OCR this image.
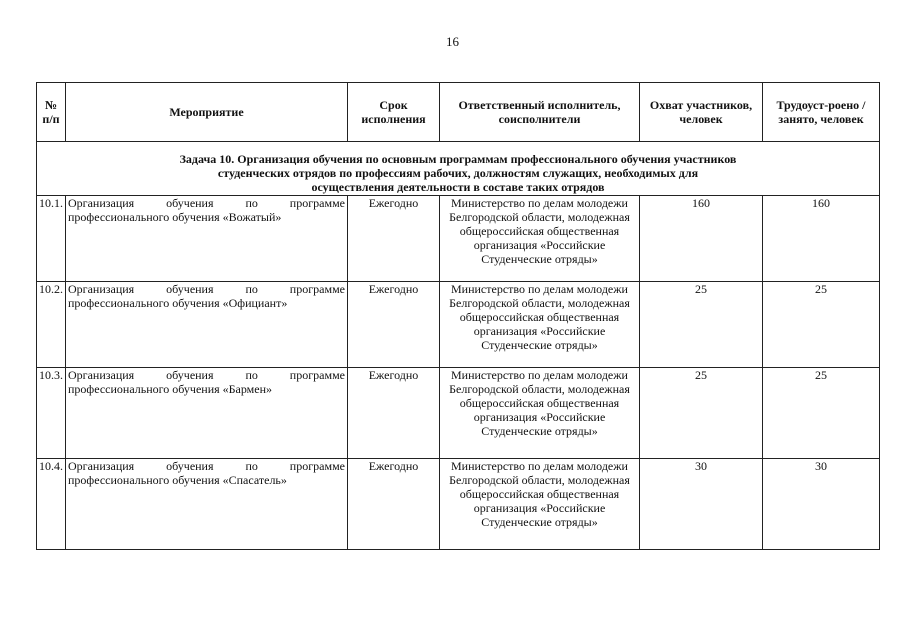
16
№
п/п	Мероприятие	Срок исполнения	Ответственный исполнитель, соисполнители	Охват участников, человек	Трудоуст-роено / занято, человек
Задача 10. Организация обучения по основным программам профессионального обучения участников студенческих отрядов по профессиям рабочих, должностям служащих, необходимых для осуществления деятельности в составе таких отрядов					
10.1.	Организация обучения по программе профессионального обучения «Вожатый»	Ежегодно	Министерство по делам молодежи Белгородской области, молодежная общероссийская общественная организация «Российские Студенческие отряды»	160	160
10.2.	Организация обучения по программе профессионального обучения «Официант»	Ежегодно	Министерство по делам молодежи Белгородской области, молодежная общероссийская общественная организация «Российские Студенческие отряды»	25	25
10.3.	Организация обучения по программе профессионального обучения «Бармен»	Ежегодно	Министерство по делам молодежи Белгородской области, молодежная общероссийская общественная организация «Российские Студенческие отряды»	25	25
10.4.	Организация обучения по программе профессионального обучения «Спасатель»	Ежегодно	Министерство по делам молодежи Белгородской области, молодежная общероссийская общественная организация «Российские Студенческие отряды»	30	30
